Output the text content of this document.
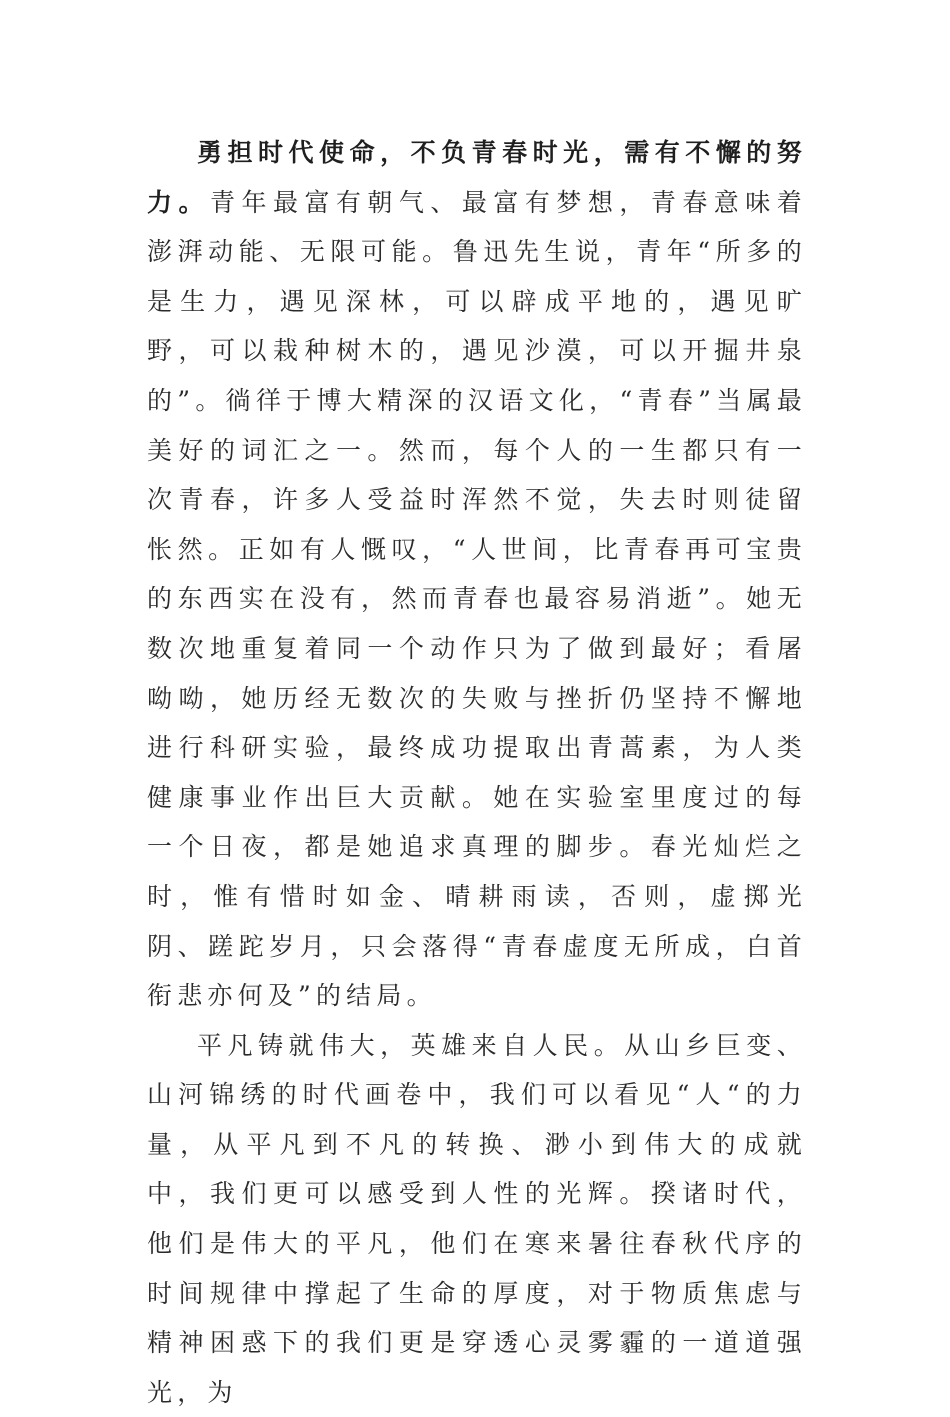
勇担时代使命，不负青春时光，需有不懈的努力。青年最富有朝气、最富有梦想，青春意味着澎湃动能、无限可能。鲁迅先生说，青年“所多的是生力，遇见深林，可以辟成平地的，遇见旷野，可以栽种树木的，遇见沙漠，可以开掘井泉的”。徜徉于博大精深的汉语文化，“青春”当属最美好的词汇之一。然而，每个人的一生都只有一次青春，许多人受益时浑然不觉，失去时则徒留怅然。正如有人慨叹，“人世间，比青春再可宝贵的东西实在没有，然而青春也最容易消逝”。她无数次地重复着同一个动作只为了做到最好；看屠呦呦，她历经无数次的失败与挫折仍坚持不懈地进行科研实验，最终成功提取出青蒿素，为人类健康事业作出巨大贡献。她在实验室里度过的每一个日夜，都是她追求真理的脚步。春光灿烂之时，惟有惜时如金、晴耕雨读，否则，虚掷光阴、蹉跎岁月，只会落得“青春虚度无所成，白首衔悲亦何及”的结局。

平凡铸就伟大，英雄来自人民。从山乡巨变、山河锦绣的时代画卷中，我们可以看见“人“的力量，从平凡到不凡的转换、渺小到伟大的成就中，我们更可以感受到人性的光辉。揆诸时代，他们是伟大的平凡，他们在寒来暑往春秋代序的时间规律中撑起了生命的厚度，对于物质焦虑与精神困惑下的我们更是穿透心灵雾霾的一道道强光，为
